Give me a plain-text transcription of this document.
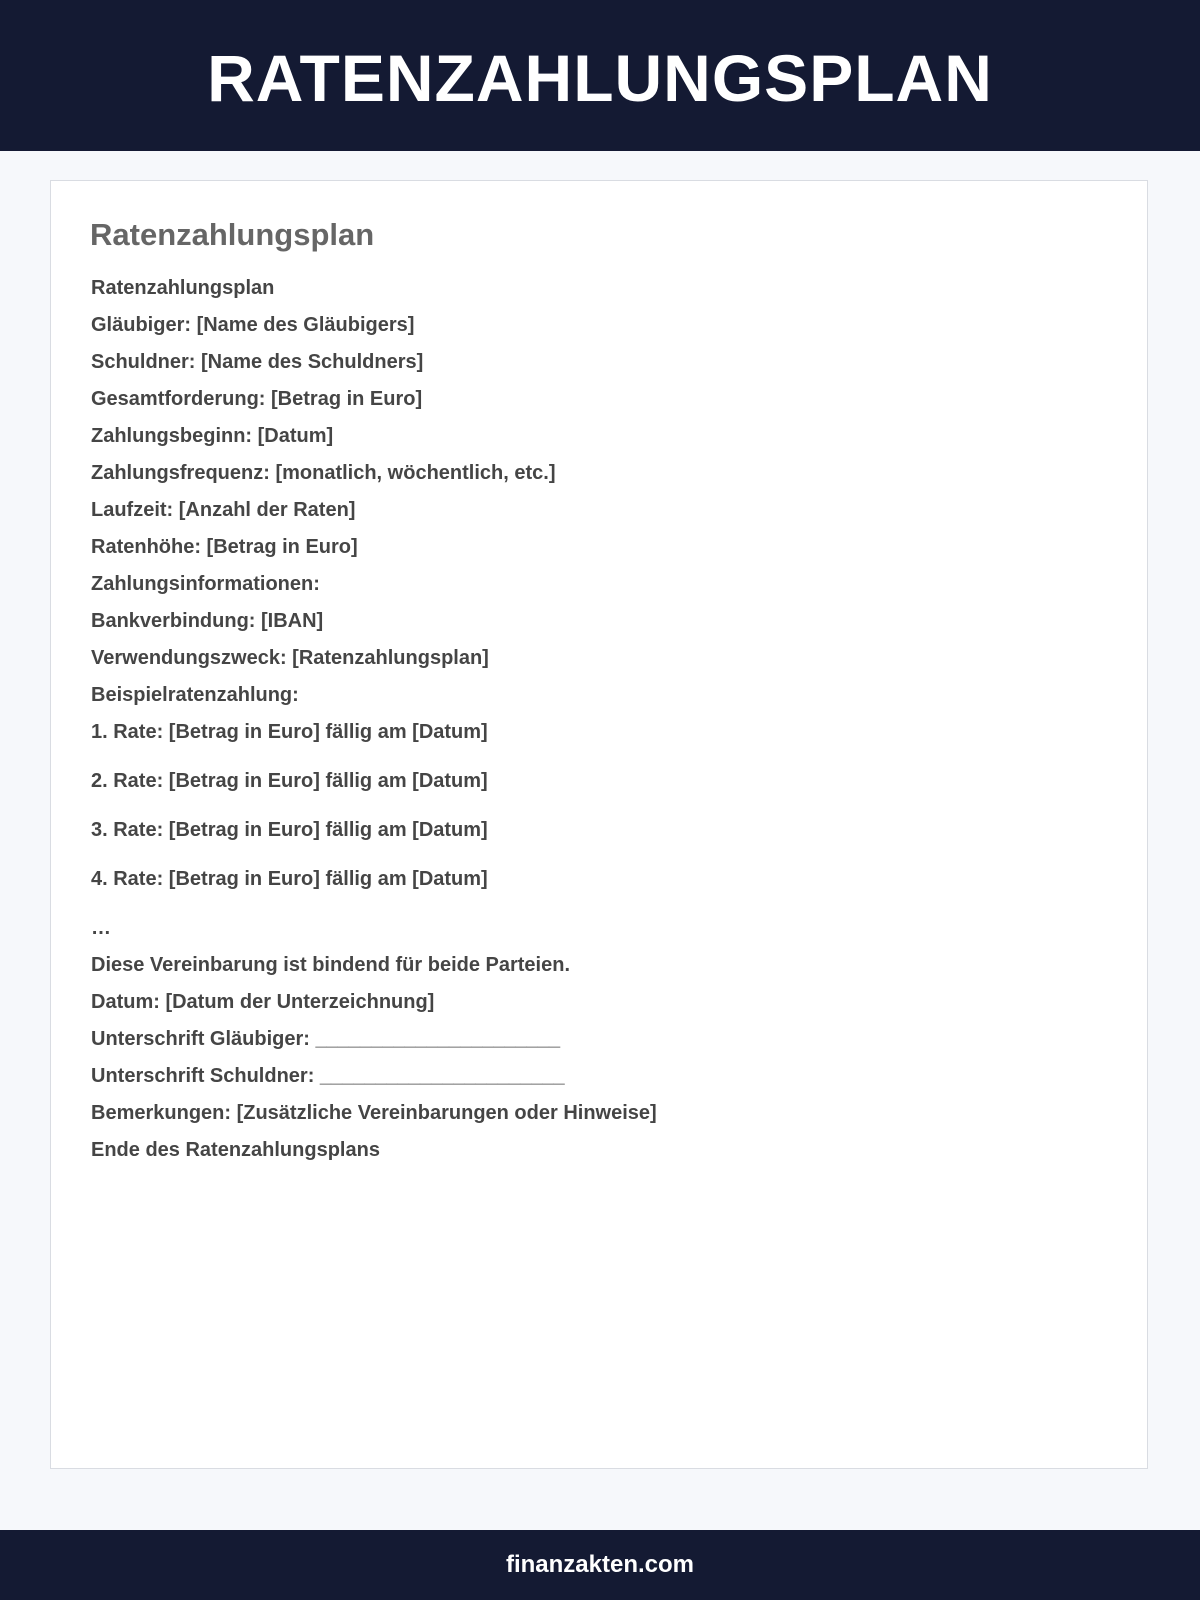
RATENZAHLUNGSPLAN
Ratenzahlungsplan
Ratenzahlungsplan
Gläubiger: [Name des Gläubigers]
Schuldner: [Name des Schuldners]
Gesamtforderung: [Betrag in Euro]
Zahlungsbeginn: [Datum]
Zahlungsfrequenz: [monatlich, wöchentlich, etc.]
Laufzeit: [Anzahl der Raten]
Ratenhöhe: [Betrag in Euro]
Zahlungsinformationen:
Bankverbindung: [IBAN]
Verwendungszweck: [Ratenzahlungsplan]
Beispielratenzahlung:
1. Rate: [Betrag in Euro] fällig am [Datum]
2. Rate: [Betrag in Euro] fällig am [Datum]
3. Rate: [Betrag in Euro] fällig am [Datum]
4. Rate: [Betrag in Euro] fällig am [Datum]
…
Diese Vereinbarung ist bindend für beide Parteien.
Datum: [Datum der Unterzeichnung]
Unterschrift Gläubiger: ______________________
Unterschrift Schuldner: ______________________
Bemerkungen: [Zusätzliche Vereinbarungen oder Hinweise]
Ende des Ratenzahlungsplans
finanzakten.com
